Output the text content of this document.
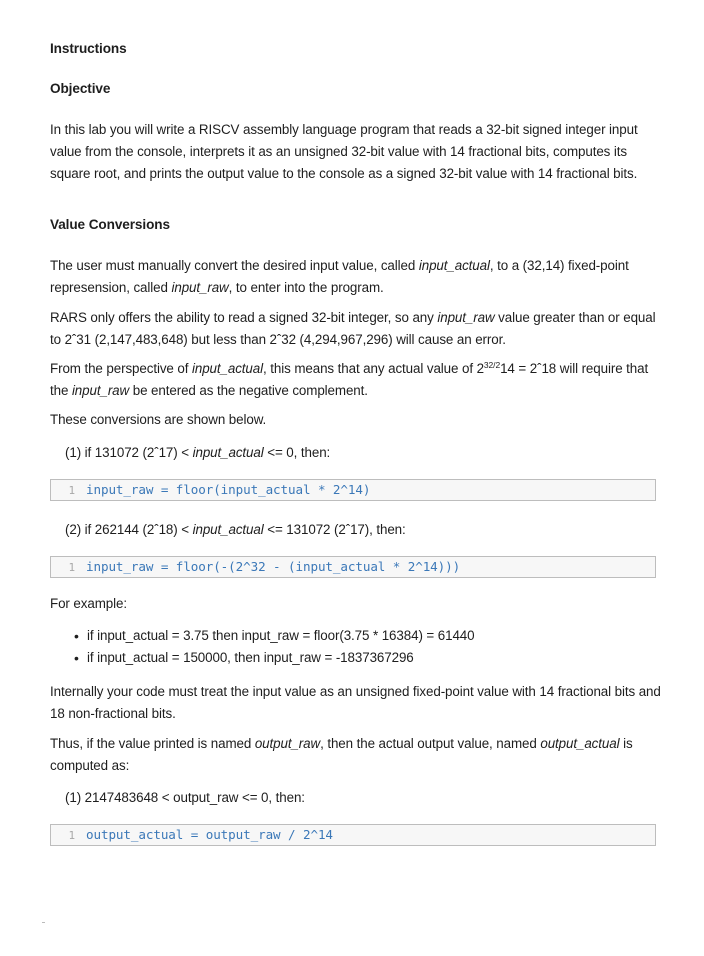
Instructions
Objective

In this lab you will write a RISCV assembly language program that reads a 32-bit signed integer input value from the console, interprets it as an unsigned 32-bit value with 14 fractional bits, computes its square root, and prints the output value to the console as a signed 32-bit value with 14 fractional bits.

Value Conversions

The user must manually convert the desired input value, called input_actual, to a (32,14) fixed-point represension, called input_raw, to enter into the program.

RARS only offers the ability to read a signed 32-bit integer, so any input_raw value greater than or equal to 2ˆ31 (2,147,483,648) but less than 2ˆ32 (4,294,967,296) will cause an error.

From the perspective of input_actual, this means that any actual value of $2^{32/2}14$ = 2ˆ18 will require that the input_raw be entered as the negative complement.

These conversions are shown below.

(1) if 131072 (2ˆ17) < input_actual <= 0, then:

1 input_raw = floor(input_actual * 2^14)

(2) if 262144 (2ˆ18) < input_actual <= 131072 (2ˆ17), then:

1 input_raw = floor(-(2^32 - (input_actual * 2^14)))

For example:

• if input_actual = 3.75 then input_raw = floor(3.75 * 16384) = 61440
• if input_actual = 150000, then input_raw = -1837367296

Internally your code must treat the input value as an unsigned fixed-point value with 14 fractional bits and 18 non-fractional bits.

Thus, if the value printed is named output_raw, then the actual output value, named output_actual is computed as:

(1) 2147483648 < output_raw <= 0, then:

1 output_actual = output_raw / 2^14
